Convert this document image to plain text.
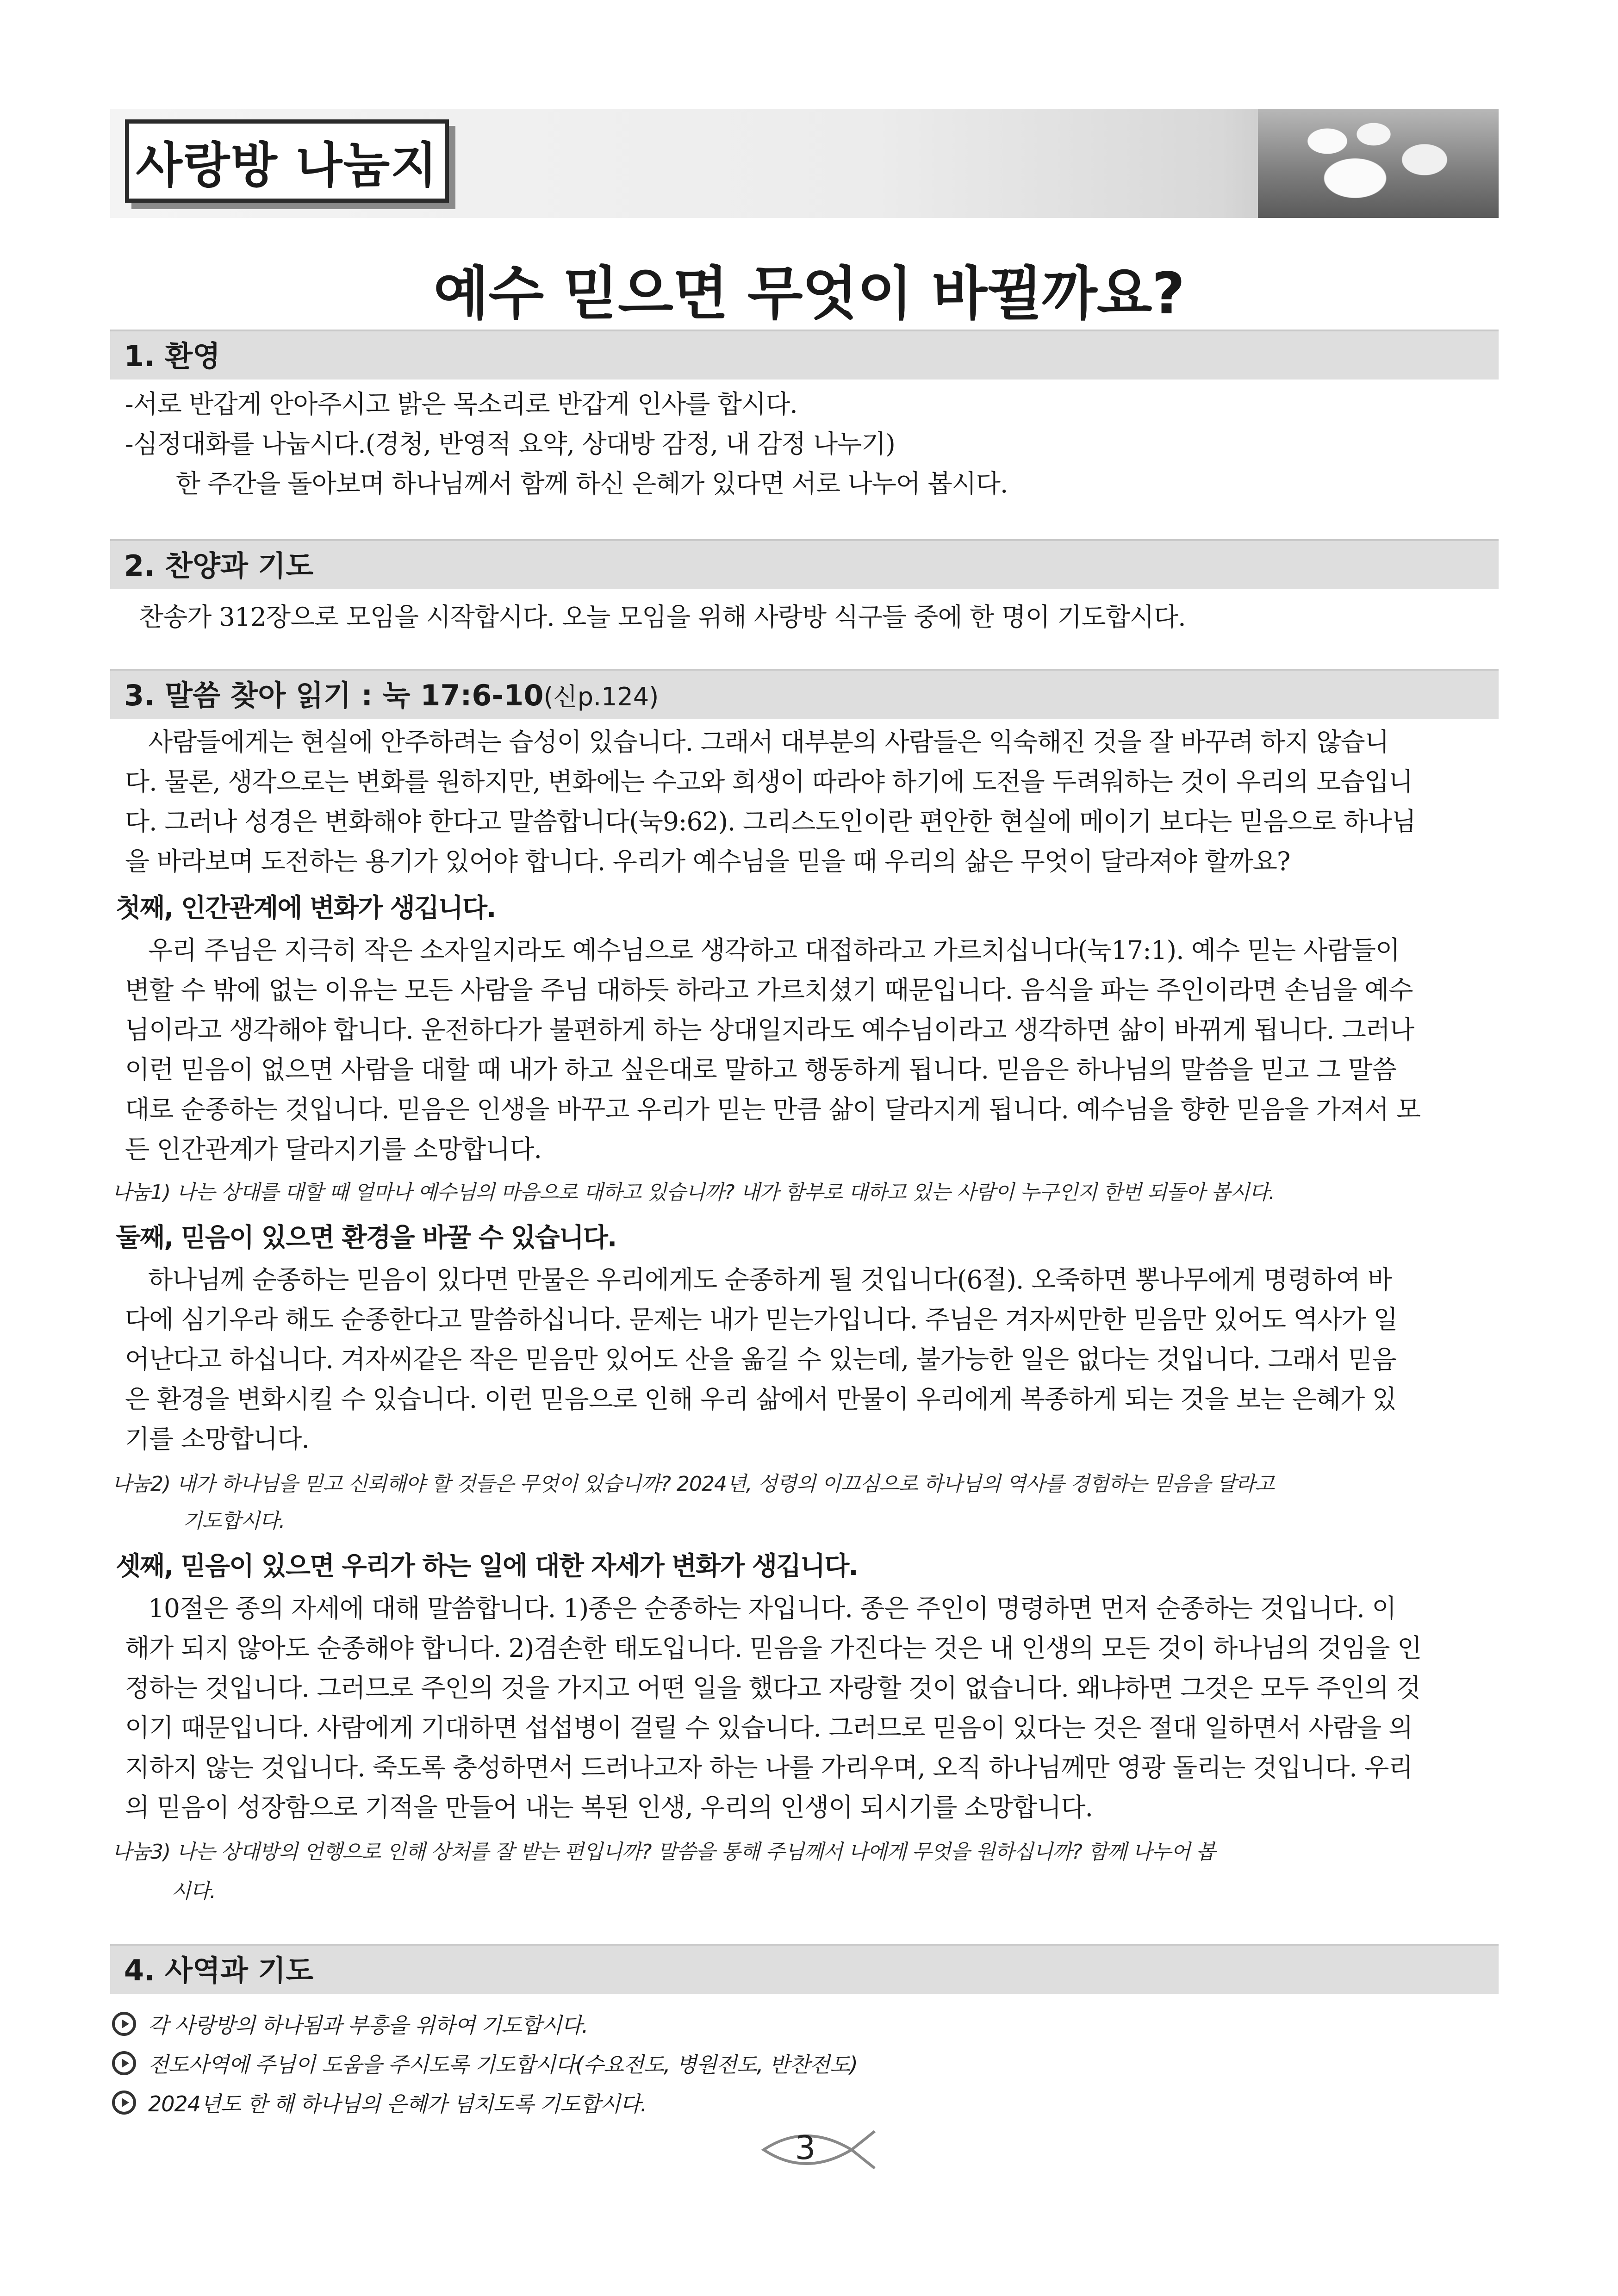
사랑방 나눔지
예수 믿으면 무엇이 바뀔까요?
1. 환영
-서로 반갑게 안아주시고 밝은 목소리로 반갑게 인사를 합시다.
-심정대화를 나눕시다.(경청, 반영적 요약, 상대방 감정, 내 감정 나누기)
한 주간을 돌아보며 하나님께서 함께 하신 은혜가 있다면 서로 나누어 봅시다.
2. 찬양과 기도
찬송가 312장으로 모임을 시작합시다. 오늘 모임을 위해 사랑방 식구들 중에 한 명이 기도합시다.
3. 말씀 찾아 읽기 : 눅 17:6-10(신p.124)
사람들에게는 현실에 안주하려는 습성이 있습니다. 그래서 대부분의 사람들은 익숙해진 것을 잘 바꾸려 하지 않습니
다. 물론, 생각으로는 변화를 원하지만, 변화에는 수고와 희생이 따라야 하기에 도전을 두려워하는 것이 우리의 모습입니
다. 그러나 성경은 변화해야 한다고 말씀합니다(눅9:62). 그리스도인이란 편안한 현실에 메이기 보다는 믿음으로 하나님
을 바라보며 도전하는 용기가 있어야 합니다. 우리가 예수님을 믿을 때 우리의 삶은 무엇이 달라져야 할까요?
첫째, 인간관계에 변화가 생깁니다.
우리 주님은 지극히 작은 소자일지라도 예수님으로 생각하고 대접하라고 가르치십니다(눅17:1). 예수 믿는 사람들이
변할 수 밖에 없는 이유는 모든 사람을 주님 대하듯 하라고 가르치셨기 때문입니다. 음식을 파는 주인이라면 손님을 예수
님이라고 생각해야 합니다. 운전하다가 불편하게 하는 상대일지라도 예수님이라고 생각하면 삶이 바뀌게 됩니다. 그러나
이런 믿음이 없으면 사람을 대할 때 내가 하고 싶은대로 말하고 행동하게 됩니다. 믿음은 하나님의 말씀을 믿고 그 말씀
대로 순종하는 것입니다. 믿음은 인생을 바꾸고 우리가 믿는 만큼 삶이 달라지게 됩니다. 예수님을 향한 믿음을 가져서 모
든 인간관계가 달라지기를 소망합니다.
나눔1) 나는 상대를 대할 때 얼마나 예수님의 마음으로 대하고 있습니까? 내가 함부로 대하고 있는 사람이 누구인지 한번 되돌아 봅시다.
둘째, 믿음이 있으면 환경을 바꿀 수 있습니다.
하나님께 순종하는 믿음이 있다면 만물은 우리에게도 순종하게 될 것입니다(6절). 오죽하면 뽕나무에게 명령하여 바
다에 심기우라 해도 순종한다고 말씀하십니다. 문제는 내가 믿는가입니다. 주님은 겨자씨만한 믿음만 있어도 역사가 일
어난다고 하십니다. 겨자씨같은 작은 믿음만 있어도 산을 옮길 수 있는데, 불가능한 일은 없다는 것입니다. 그래서 믿음
은 환경을 변화시킬 수 있습니다. 이런 믿음으로 인해 우리 삶에서 만물이 우리에게 복종하게 되는 것을 보는 은혜가 있
기를 소망합니다.
나눔2) 내가 하나님을 믿고 신뢰해야 할 것들은 무엇이 있습니까? 2024년, 성령의 이끄심으로 하나님의 역사를 경험하는 믿음을 달라고
기도합시다.
셋째, 믿음이 있으면 우리가 하는 일에 대한 자세가 변화가 생깁니다.
10절은 종의 자세에 대해 말씀합니다. 1)종은 순종하는 자입니다. 종은 주인이 명령하면 먼저 순종하는 것입니다. 이
해가 되지 않아도 순종해야 합니다. 2)겸손한 태도입니다. 믿음을 가진다는 것은 내 인생의 모든 것이 하나님의 것임을 인
정하는 것입니다. 그러므로 주인의 것을 가지고 어떤 일을 했다고 자랑할 것이 없습니다. 왜냐하면 그것은 모두 주인의 것
이기 때문입니다. 사람에게 기대하면 섭섭병이 걸릴 수 있습니다. 그러므로 믿음이 있다는 것은 절대 일하면서 사람을 의
지하지 않는 것입니다. 죽도록 충성하면서 드러나고자 하는 나를 가리우며, 오직 하나님께만 영광 돌리는 것입니다. 우리
의 믿음이 성장함으로 기적을 만들어 내는 복된 인생, 우리의 인생이 되시기를 소망합니다.
나눔3) 나는 상대방의 언행으로 인해 상처를 잘 받는 편입니까? 말씀을 통해 주님께서 나에게 무엇을 원하십니까? 함께 나누어 봅
시다.
4. 사역과 기도
각 사랑방의 하나됨과 부흥을 위하여 기도합시다.
전도사역에 주님이 도움을 주시도록 기도합시다(수요전도, 병원전도, 반찬전도)
2024년도 한 해 하나님의 은혜가 넘치도록 기도합시다.
3
